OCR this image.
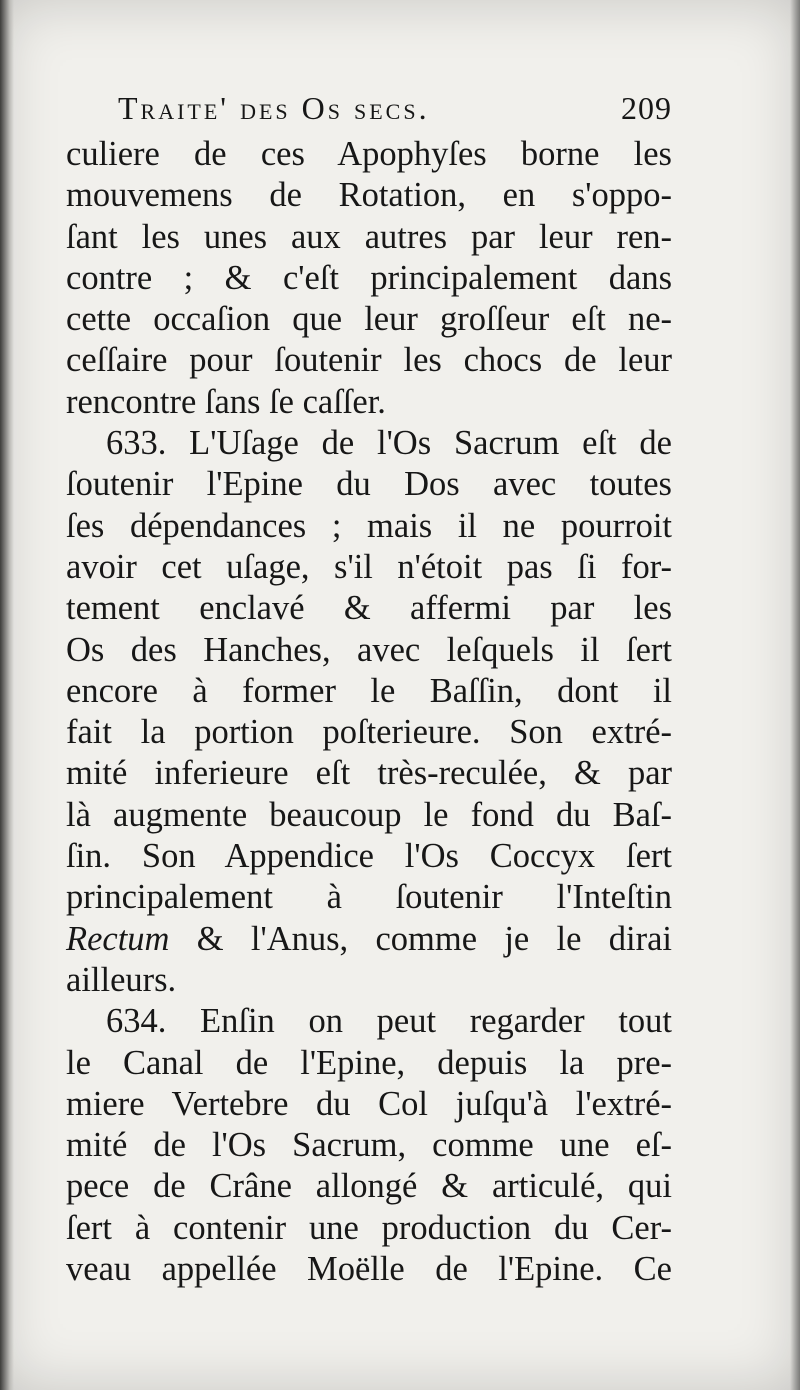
Traite' des Os secs.	209
culiere de ces Apophyſes borne les
mouvemens de Rotation, en s'oppo-
ſant les unes aux autres par leur ren-
contre ; & c'eſt principalement dans
cette occaſion que leur groſſeur eſt ne-
ceſſaire pour ſoutenir les chocs de leur
rencontre ſans ſe caſſer.
633. L'Uſage de l'Os Sacrum eſt de
ſoutenir l'Epine du Dos avec toutes
ſes dépendances ; mais il ne pourroit
avoir cet uſage, s'il n'étoit pas ſi for-
tement enclavé & affermi par les
Os des Hanches, avec leſquels il ſert
encore à former le Baſſin, dont il
fait la portion poſterieure. Son extré-
mité inferieure eſt très-reculée, & par
là augmente beaucoup le fond du Baſ-
ſin. Son Appendice l'Os Coccyx ſert
principalement à ſoutenir l'Inteſtin
Rectum & l'Anus, comme je le dirai
ailleurs.
634. Enſin on peut regarder tout
le Canal de l'Epine, depuis la pre-
miere Vertebre du Col juſqu'à l'extré-
mité de l'Os Sacrum, comme une eſ-
pece de Crâne allongé & articulé, qui
ſert à contenir une production du Cer-
veau appellée Moëlle de l'Epine. Ce
